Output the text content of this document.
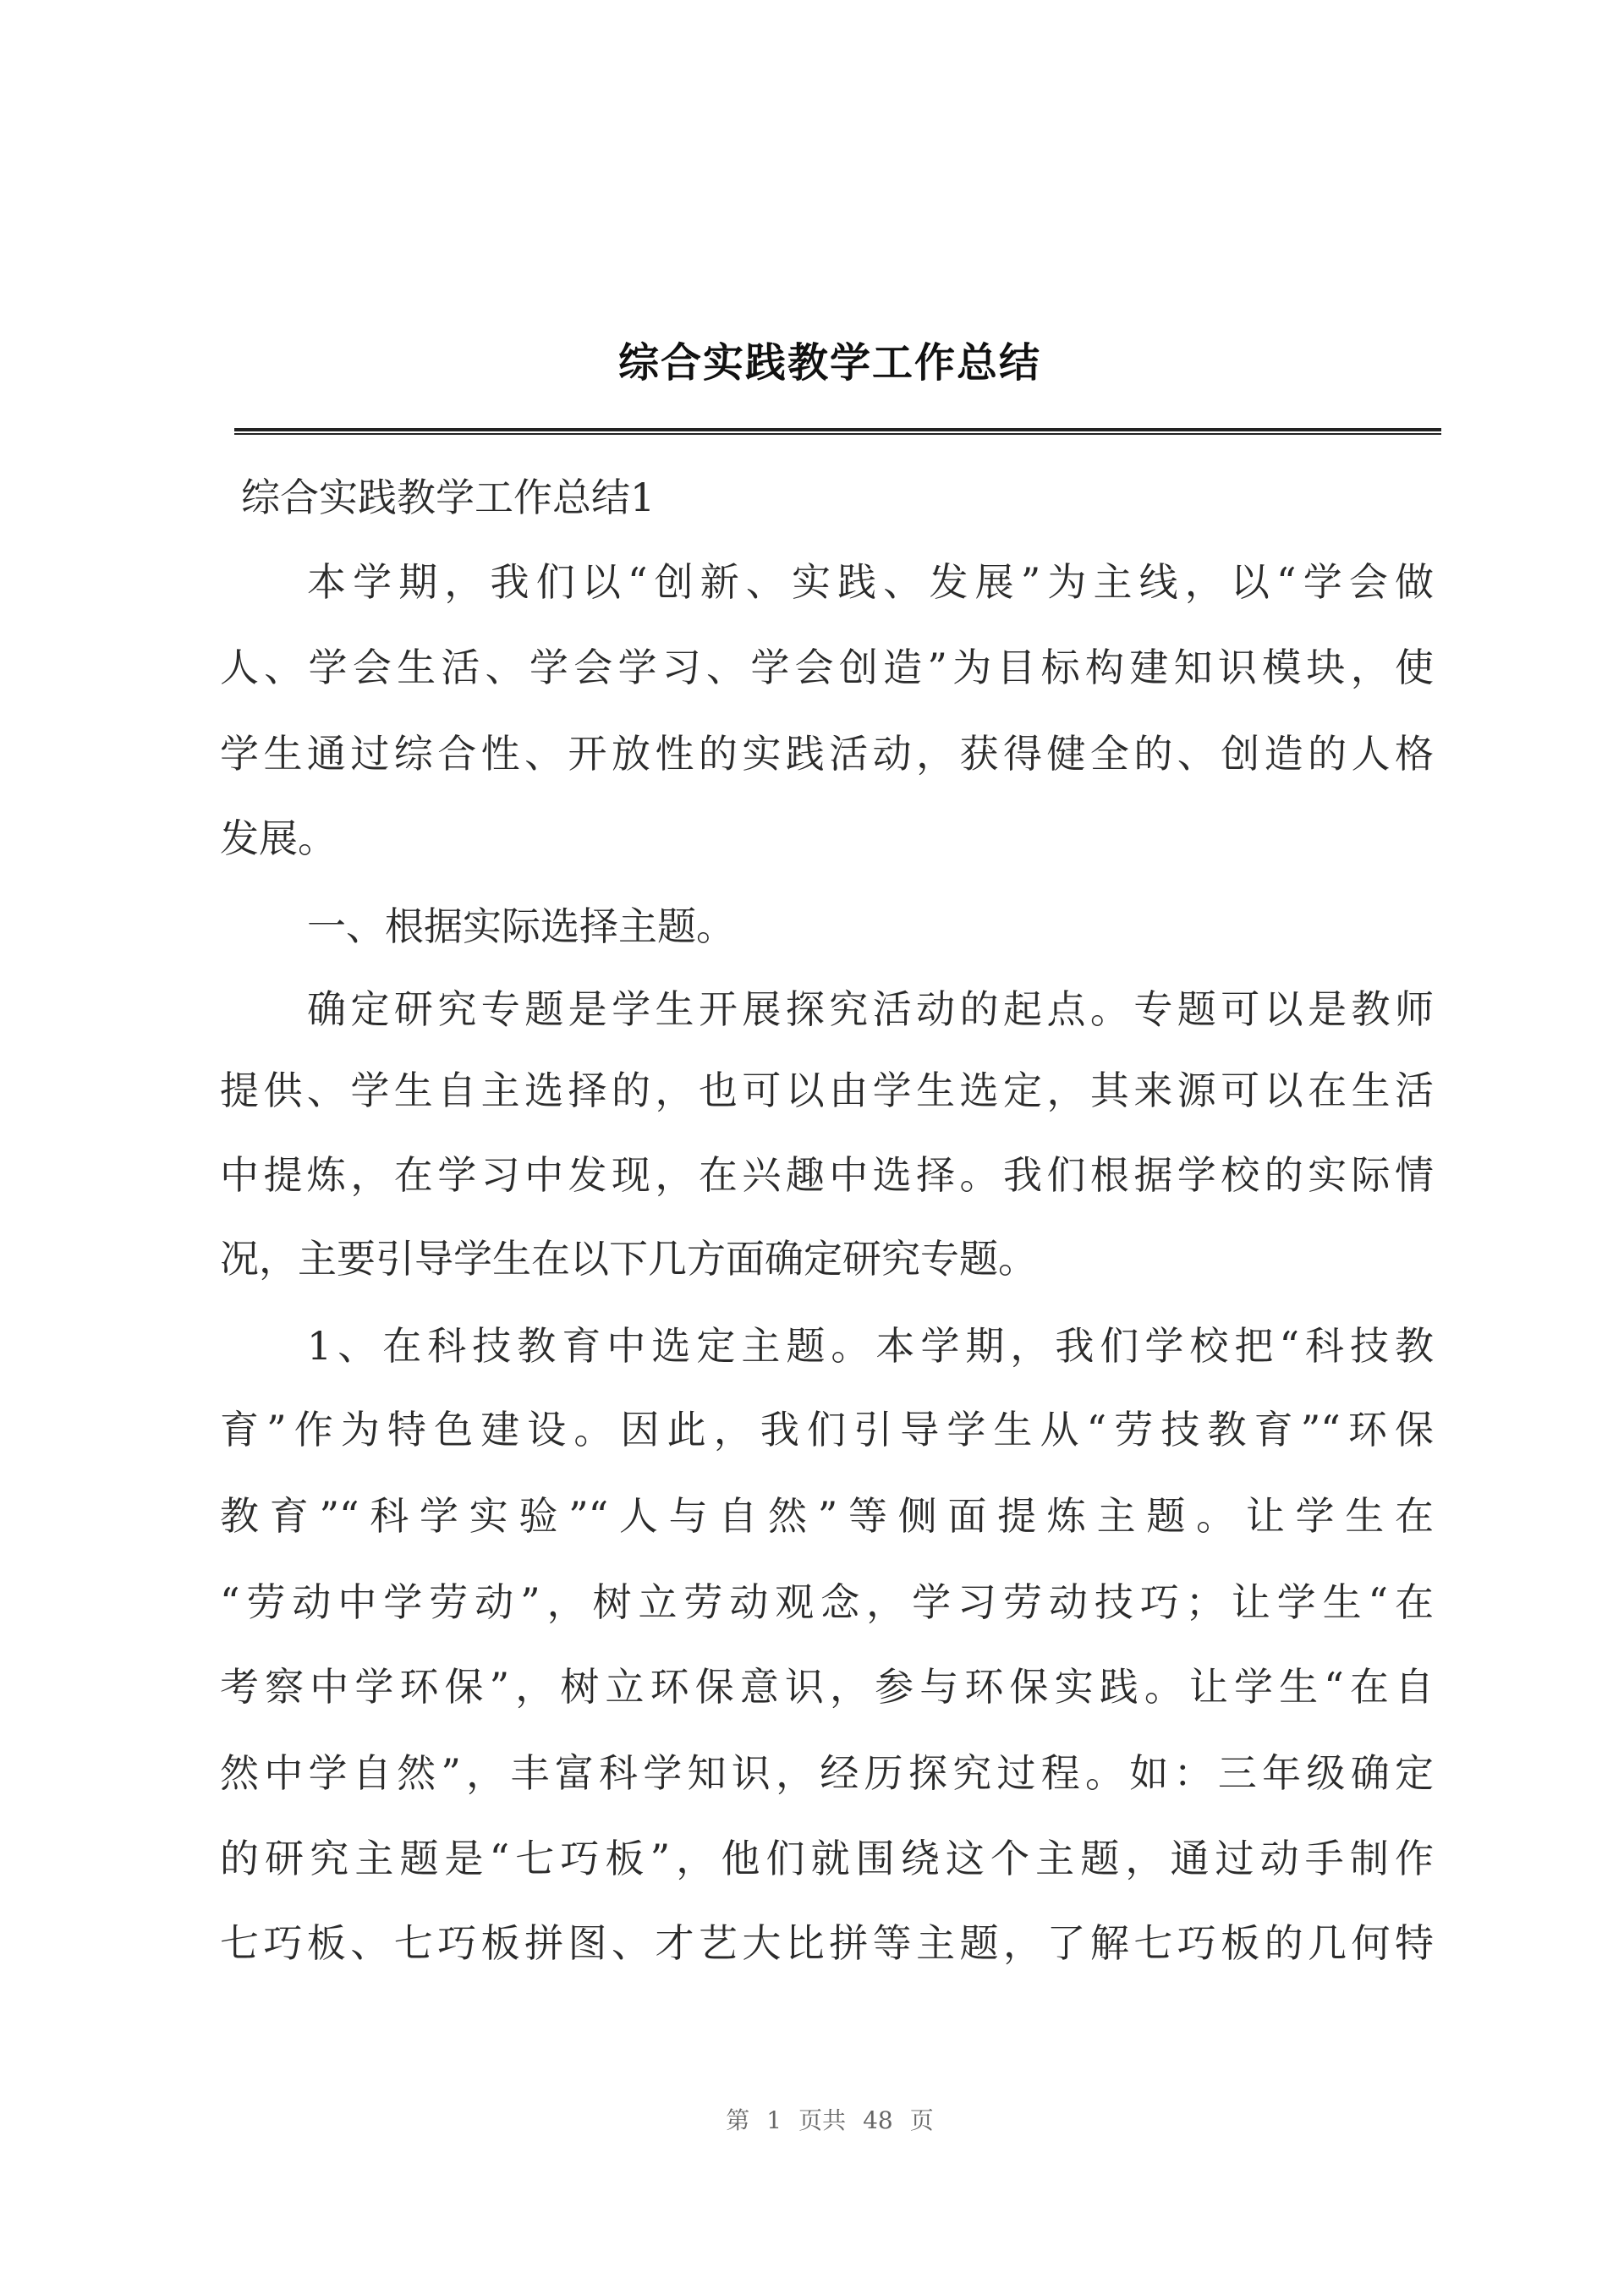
综合实践教学工作总结
综合实践教学工作总结1
本学期，我们以“创新、实践、发展”为主线，以“学会做
人、学会生活、学会学习、学会创造”为目标构建知识模块，使
学生通过综合性、开放性的实践活动，获得健全的、创造的人格
发展。
一、根据实际选择主题。
确定研究专题是学生开展探究活动的起点。专题可以是教师
提供、学生自主选择的，也可以由学生选定，其来源可以在生活
中提炼，在学习中发现，在兴趣中选择。我们根据学校的实际情
况，主要引导学生在以下几方面确定研究专题。
1、在科技教育中选定主题。本学期，我们学校把“科技教
育”作为特色建设。因此，我们引导学生从“劳技教育”“环保
教育”“科学实验”“人与自然”等侧面提炼主题。让学生在
“劳动中学劳动”，树立劳动观念，学习劳动技巧；让学生“在
考察中学环保”，树立环保意识，参与环保实践。让学生“在自
然中学自然”，丰富科学知识，经历探究过程。如：三年级确定
的研究主题是“七巧板”，他们就围绕这个主题，通过动手制作
七巧板、七巧板拼图、才艺大比拼等主题，了解七巧板的几何特
第 1 页共 48 页
